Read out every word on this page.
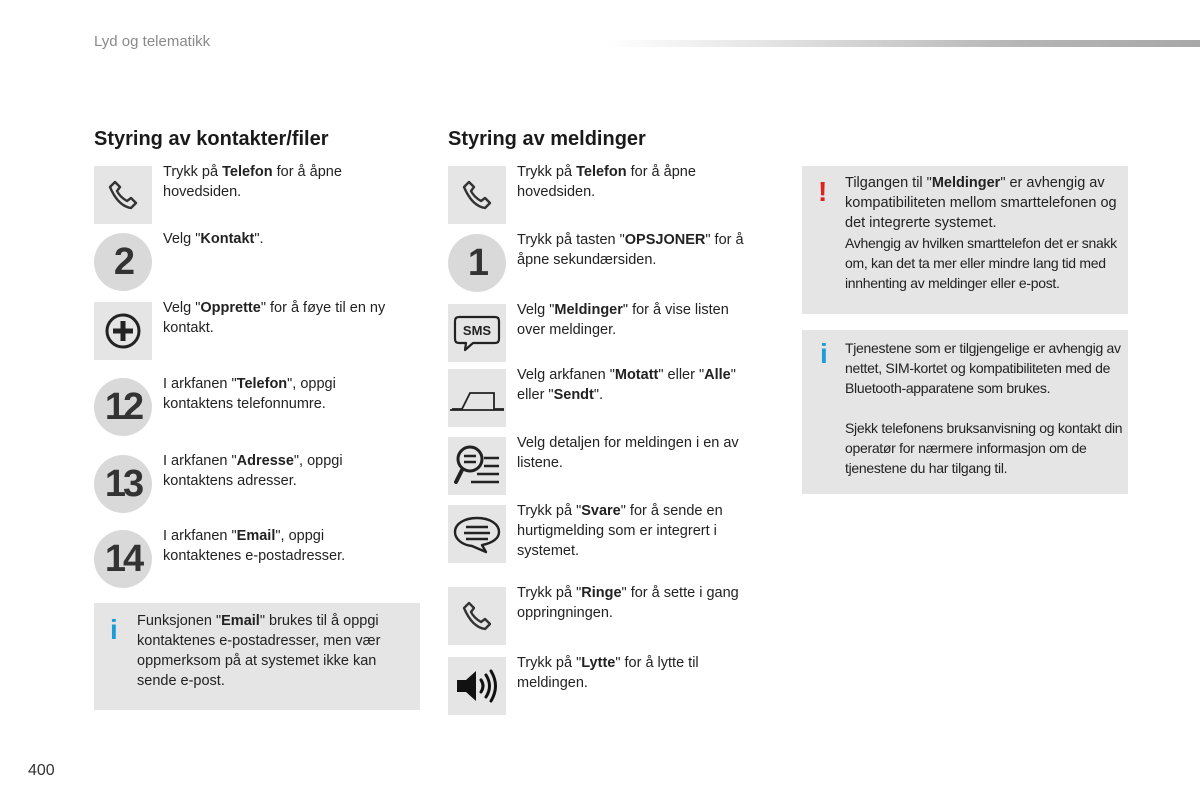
Lyd og telematikk
Styring av kontakter/filer
Trykk på Telefon for å åpne hovedsiden.
2
Velg "Kontakt".
Velg "Opprette" for å føye til en ny kontakt.
12
I arkfanen "Telefon", oppgi kontaktens telefonnumre.
13
I arkfanen "Adresse", oppgi kontaktens adresser.
14
I arkfanen "Email", oppgi kontaktenes e-postadresser.
i Funksjonen "Email" brukes til å oppgi kontaktenes e-postadresser, men vær oppmerksom på at systemet ikke kan sende e-post.
Styring av meldinger
Trykk på Telefon for å åpne hovedsiden.
1
Trykk på tasten "OPSJONER" for å åpne sekundærsiden.
SMS
Velg "Meldinger" for å vise listen over meldinger.
Velg arkfanen "Motatt" eller "Alle" eller "Sendt".
Velg detaljen for meldingen i en av listene.
Trykk på "Svare" for å sende en hurtigmelding som er integrert i systemet.
Trykk på "Ringe" for å sette i gang oppringningen.
Trykk på "Lytte" for å lytte til meldingen.
! Tilgangen til "Meldinger" er avhengig av kompatibiliteten mellom smarttelefonen og det integrerte systemet.
Avhengig av hvilken smarttelefon det er snakk om, kan det ta mer eller mindre lang tid med innhenting av meldinger eller e-post.
i Tjenestene som er tilgjengelige er avhengig av nettet, SIM-kortet og kompatibiliteten med de Bluetooth-apparatene som brukes.
Sjekk telefonens bruksanvisning og kontakt din operatør for nærmere informasjon om de tjenestene du har tilgang til.
400
